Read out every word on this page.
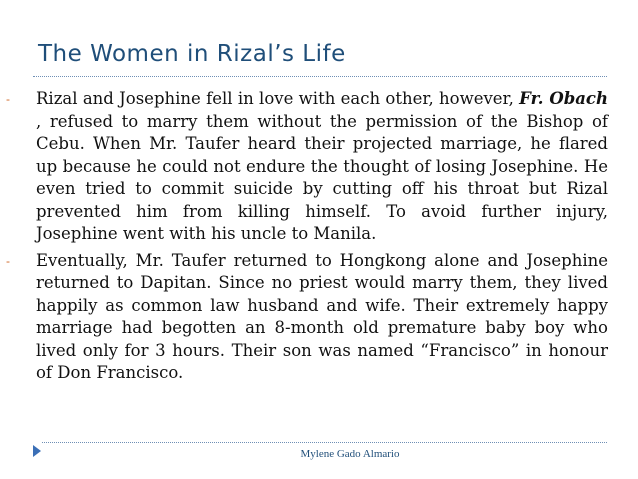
The Women in Rizal’s Life

- Rizal and Josephine fell in love with each other, however, Fr. Obach , refused to marry them without the permission of the Bishop of Cebu. When Mr. Taufer heard their projected marriage, he flared up because he could not endure the thought of losing Josephine. He even tried to commit suicide by cutting off his throat but Rizal prevented him from killing himself. To avoid further injury, Josephine went with his uncle to Manila.

- Eventually, Mr. Taufer returned to Hongkong alone and Josephine returned to Dapitan. Since no priest would marry them, they lived happily as common law husband and wife. Their extremely happy marriage had begotten an 8-month old premature baby boy who lived only for 3 hours. Their son was named “Francisco” in honour of Don Francisco.

Mylene Gado Almario
